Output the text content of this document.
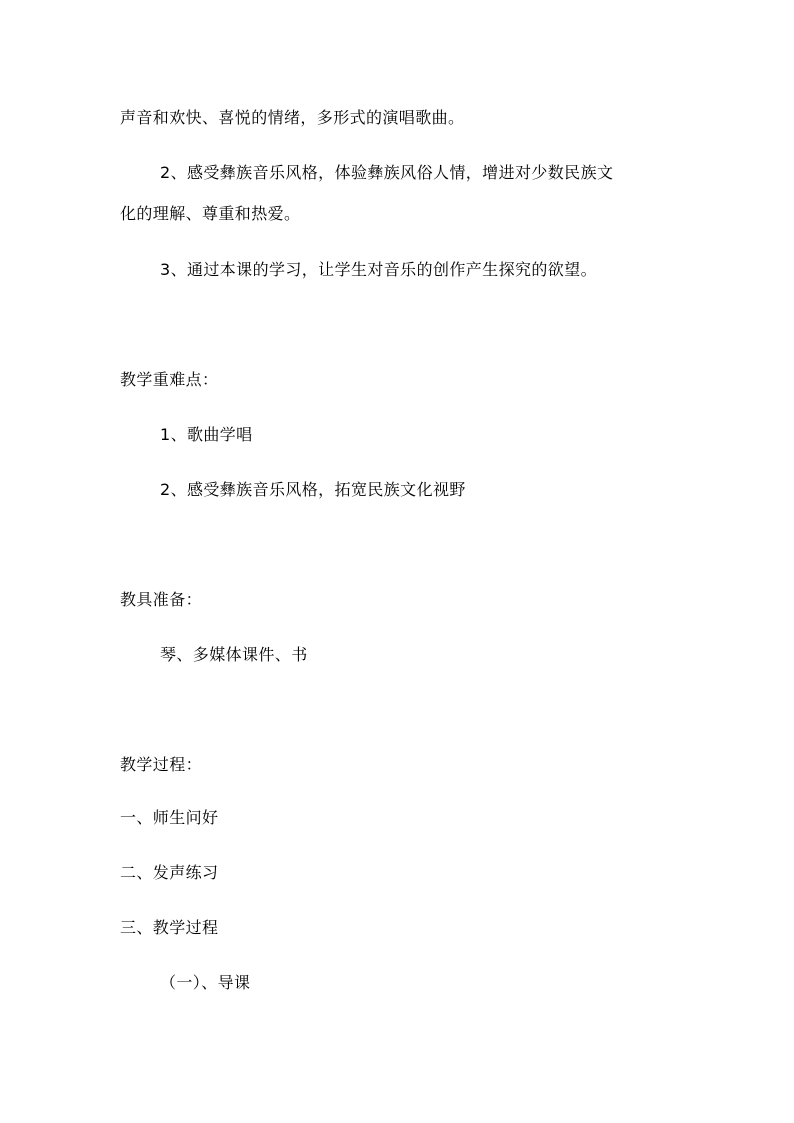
声音和欢快、喜悦的情绪，多形式的演唱歌曲。
2、感受彝族音乐风格，体验彝族风俗人情，增进对少数民族文
化的理解、尊重和热爱。
3、通过本课的学习，让学生对音乐的创作产生探究的欲望。
教学重难点：
1、歌曲学唱
2、感受彝族音乐风格，拓宽民族文化视野
教具准备：
琴、多媒体课件、书
教学过程：
一、师生问好
二、发声练习
三、教学过程
（一）、导课
